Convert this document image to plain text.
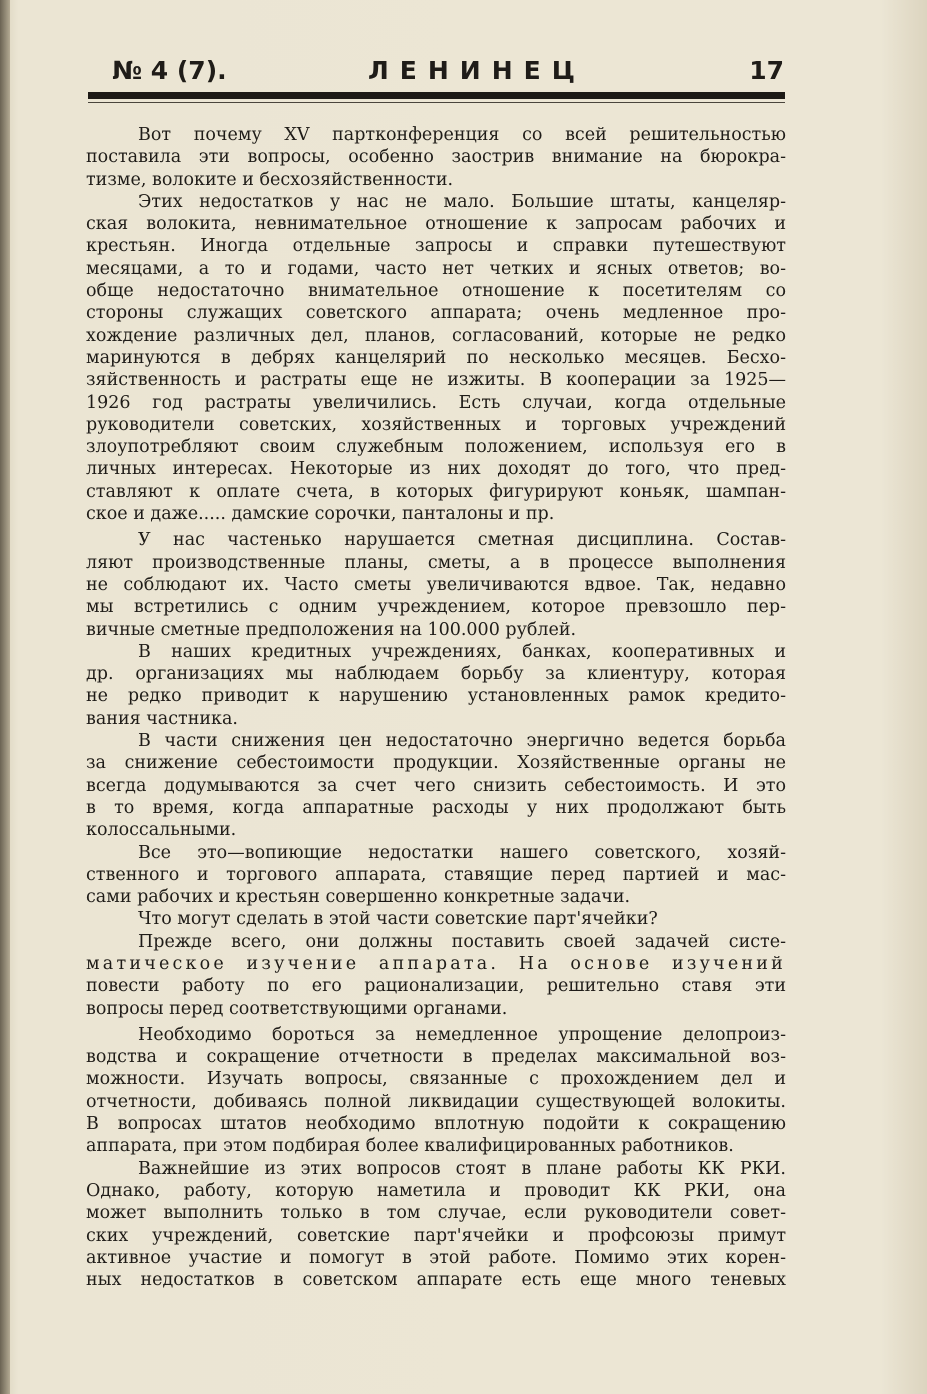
№ 4 (7).	ЛЕНИНЕЦ	17
Вот почему XV партконференция со всей решительностью
поставила эти вопросы, особенно заострив внимание на бюрокра-
тизме, волоките и бесхозяйственности.
Этих недостатков у нас не мало. Большие штаты, канцеляр-
ская волокита, невнимательное отношение к запросам рабочих и
крестьян. Иногда отдельные запросы и справки путешествуют
месяцами, а то и годами, часто нет четких и ясных ответов; во-
обще недостаточно внимательное отношение к посетителям со
стороны служащих советского аппарата; очень медленное про-
хождение различных дел, планов, согласований, которые не редко
маринуются в дебрях канцелярий по несколько месяцев. Бесхо-
зяйственность и растраты еще не изжиты. В кооперации за 1925—
1926 год растраты увеличились. Есть случаи, когда отдельные
руководители советских, хозяйственных и торговых учреждений
злоупотребляют своим служебным положением, используя его в
личных интересах. Некоторые из них доходят до того, что пред-
ставляют к оплате счета, в которых фигурируют коньяк, шампан-
ское и даже..... дамские сорочки, панталоны и пр.
У нас частенько нарушается сметная дисциплина. Состав-
ляют производственные планы, сметы, а в процессе выполнения
не соблюдают их. Часто сметы увеличиваются вдвое. Так, недавно
мы встретились с одним учреждением, которое превзошло пер-
вичные сметные предположения на 100.000 рублей.
В наших кредитных учреждениях, банках, кооперативных и
др. организациях мы наблюдаем борьбу за клиентуру, которая
не редко приводит к нарушению установленных рамок кредито-
вания частника.
В части снижения цен недостаточно энергично ведется борьба
за снижение себестоимости продукции. Хозяйственные органы не
всегда додумываются за счет чего снизить себестоимость. И это
в то время, когда аппаратные расходы у них продолжают быть
колоссальными.
Все это—вопиющие недостатки нашего советского, хозяй-
ственного и торгового аппарата, ставящие перед партией и мас-
сами рабочих и крестьян совершенно конкретные задачи.
Что могут сделать в этой части советские парт'ячейки?
Прежде всего, они должны поставить своей задачей систе-
матическое изучение аппарата. На основе изучений
повести работу по его рационализации, решительно ставя эти
вопросы перед соответствующими органами.
Необходимо бороться за немедленное упрощение делопроиз-
водства и сокращение отчетности в пределах максимальной воз-
можности. Изучать вопросы, связанные с прохождением дел и
отчетности, добиваясь полной ликвидации существующей волокиты.
В вопросах штатов необходимо вплотную подойти к сокращению
аппарата, при этом подбирая более квалифицированных работников.
Важнейшие из этих вопросов стоят в плане работы КК РКИ.
Однако, работу, которую наметила и проводит КК РКИ, она
может выполнить только в том случае, если руководители совет-
ских учреждений, советские парт'ячейки и профсоюзы примут
активное участие и помогут в этой работе. Помимо этих корен-
ных недостатков в советском аппарате есть еще много теневых
